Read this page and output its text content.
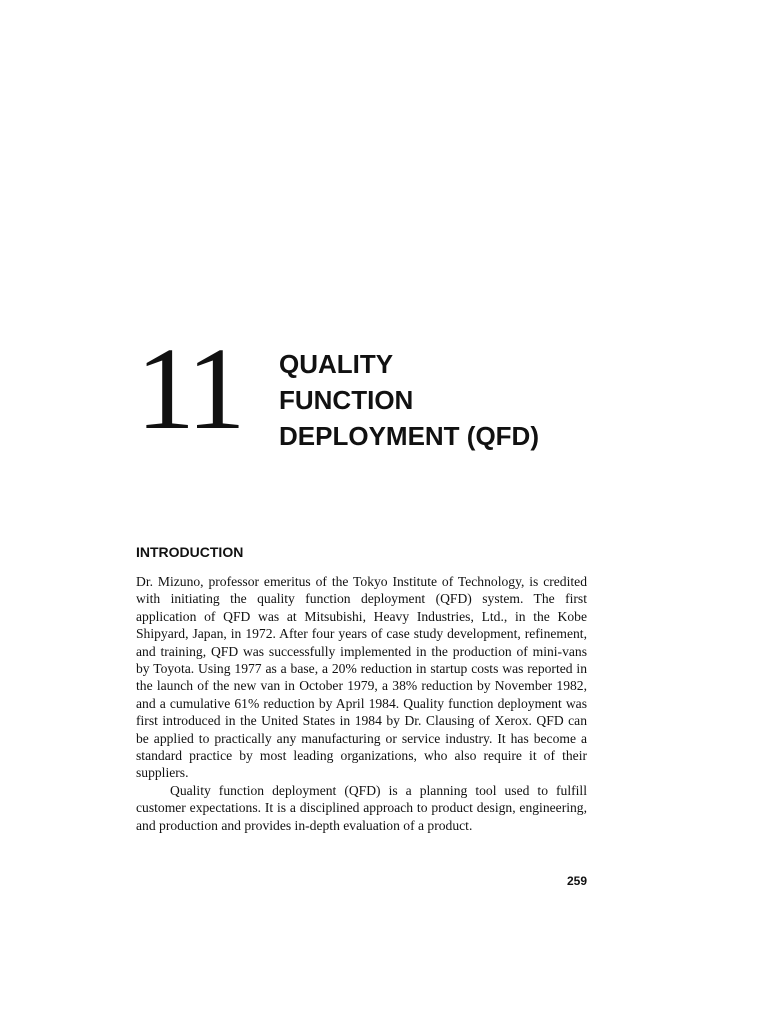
11 QUALITY
FUNCTION
DEPLOYMENT (QFD)
INTRODUCTION

Dr. Mizuno, professor emeritus of the Tokyo Institute of Technology, is credited with initiating the quality function deployment (QFD) system. The first application of QFD was at Mitsubishi, Heavy Industries, Ltd., in the Kobe Shipyard, Japan, in 1972. After four years of case study development, refinement, and training, QFD was successfully implemented in the production of mini-vans by Toyota. Using 1977 as a base, a 20% reduction in startup costs was reported in the launch of the new van in October 1979, a 38% reduction by November 1982, and a cumulative 61% reduction by April 1984. Quality function deployment was first introduced in the United States in 1984 by Dr. Clausing of Xerox. QFD can be applied to practically any manufacturing or service industry. It has become a standard practice by most leading organizations, who also require it of their suppliers.

Quality function deployment (QFD) is a planning tool used to fulfill customer expectations. It is a disciplined approach to product design, engineering, and production and provides in-depth evaluation of a product.

259
